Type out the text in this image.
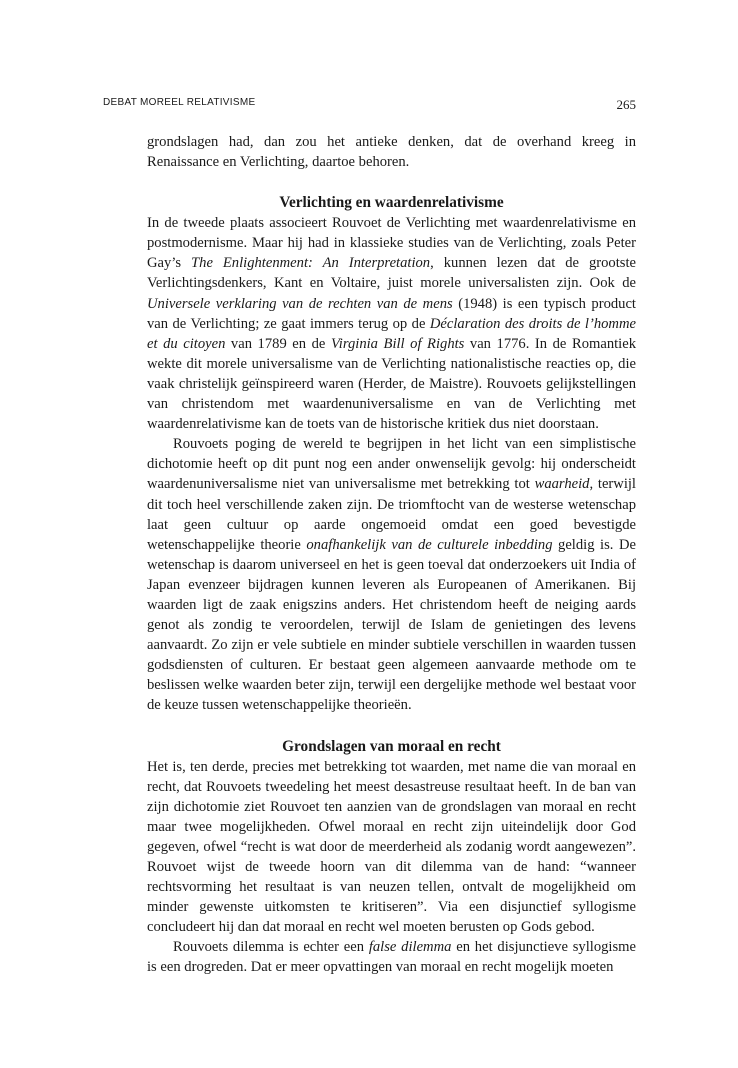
DEBAT MOREEL RELATIVISME	265

grondslagen had, dan zou het antieke denken, dat de overhand kreeg in Renaissance en Verlichting, daartoe behoren.

Verlichting en waardenrelativisme

In de tweede plaats associeert Rouvoet de Verlichting met waardenrelativisme en postmodernisme. Maar hij had in klassieke studies van de Verlichting, zoals Peter Gay’s The Enlightenment: An Interpretation, kunnen lezen dat de grootste Verlichtingsdenkers, Kant en Voltaire, juist morele universalisten zijn. Ook de Universele verklaring van de rechten van de mens (1948) is een typisch product van de Verlichting; ze gaat immers terug op de Déclaration des droits de l’homme et du citoyen van 1789 en de Virginia Bill of Rights van 1776. In de Romantiek wekte dit morele universalisme van de Verlichting nationalistische reacties op, die vaak christelijk geïnspireerd waren (Herder, de Maistre). Rouvoets gelijkstellingen van christendom met waardenuniversalisme en van de Verlichting met waardenrelativisme kan de toets van de historische kritiek dus niet doorstaan.

Rouvoets poging de wereld te begrijpen in het licht van een simplistische dichotomie heeft op dit punt nog een ander onwenselijk gevolg: hij onderscheidt waardenuniversalisme niet van universalisme met betrekking tot waarheid, terwijl dit toch heel verschillende zaken zijn. De triomftocht van de westerse wetenschap laat geen cultuur op aarde ongemoeid omdat een goed bevestigde wetenschappelijke theorie onafhankelijk van de culturele inbedding geldig is. De wetenschap is daarom universeel en het is geen toeval dat onderzoekers uit India of Japan evenzeer bijdragen kunnen leveren als Europeanen of Amerikanen. Bij waarden ligt de zaak enigszins anders. Het christendom heeft de neiging aards genot als zondig te veroordelen, terwijl de Islam de genietingen des levens aanvaardt. Zo zijn er vele subtiele en minder subtiele verschillen in waarden tussen godsdiensten of culturen. Er bestaat geen algemeen aanvaarde methode om te beslissen welke waarden beter zijn, terwijl een dergelijke methode wel bestaat voor de keuze tussen wetenschappelijke theorieën.

Grondslagen van moraal en recht

Het is, ten derde, precies met betrekking tot waarden, met name die van moraal en recht, dat Rouvoets tweedeling het meest desastreuse resultaat heeft. In de ban van zijn dichotomie ziet Rouvoet ten aanzien van de grondslagen van moraal en recht maar twee mogelijkheden. Ofwel moraal en recht zijn uiteindelijk door God gegeven, ofwel “recht is wat door de meerderheid als zodanig wordt aangewezen”. Rouvoet wijst de tweede hoorn van dit dilemma van de hand: “wanneer rechtsvorming het resultaat is van neuzen tellen, ontvalt de mogelijkheid om minder gewenste uitkomsten te kritiseren”. Via een disjunctief syllogisme concludeert hij dan dat moraal en recht wel moeten berusten op Gods gebod.

Rouvoets dilemma is echter een false dilemma en het disjunctieve syllogisme is een drogreden. Dat er meer opvattingen van moraal en recht mogelijk moeten
